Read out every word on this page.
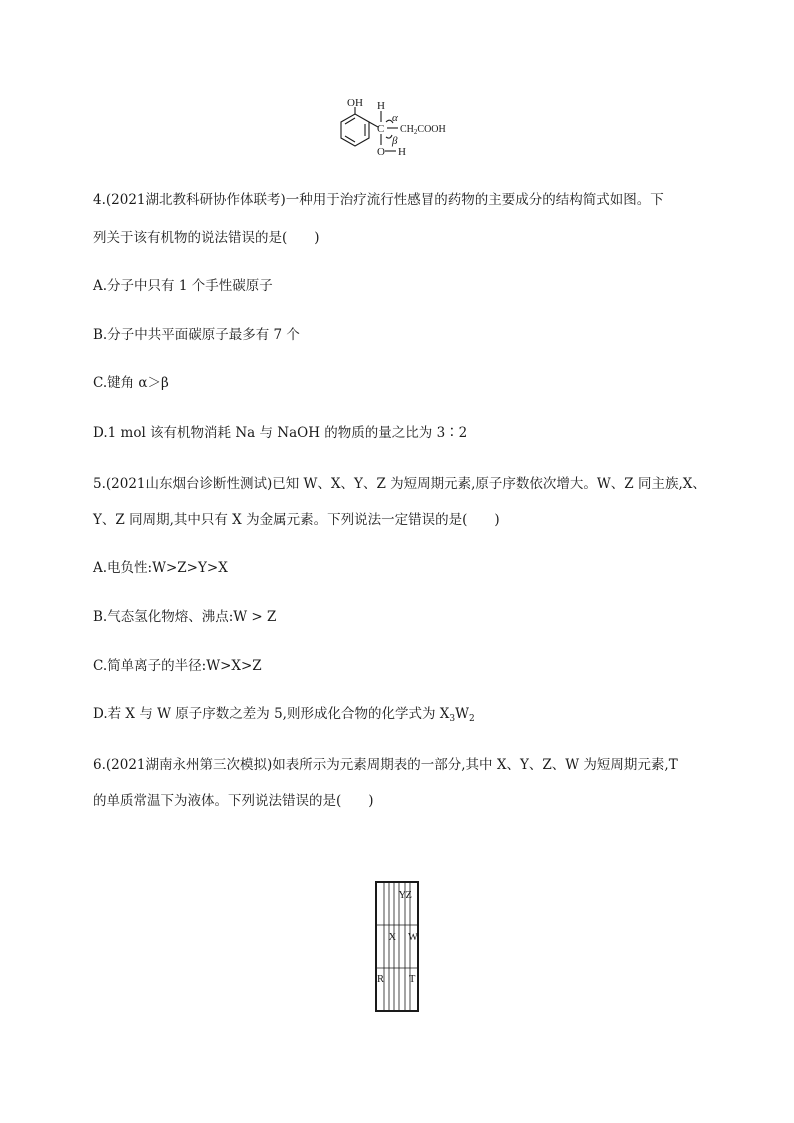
OH H
C
α
$CH_2COOH$
β
O H
4.(2021湖北教科研协作体联考)一种用于治疗流行性感冒的药物的主要成分的结构简式如图。下
列关于该有机物的说法错误的是(　　)
A.分子中只有 1 个手性碳原子
B.分子中共平面碳原子最多有 7 个
C.键角 α＞β
D.1 mol 该有机物消耗 Na 与 NaOH 的物质的量之比为 3∶2
5.(2021山东烟台诊断性测试)已知 W、X、Y、Z 为短周期元素,原子序数依次增大。W、Z 同主族,X、
Y、Z 同周期,其中只有 X 为金属元素。下列说法一定错误的是(　　)
A.电负性:W>Z>Y>X
B.气态氢化物熔、沸点:W > Z
C.简单离子的半径:W>X>Z
D.若 X 与 W 原子序数之差为 5,则形成化合物的化学式为 $X_3W_2$
6.(2021湖南永州第三次模拟)如表所示为元素周期表的一部分,其中 X、Y、Z、W 为短周期元素,T
的单质常温下为液体。下列说法错误的是(　　)
Y Z
X W
R T
